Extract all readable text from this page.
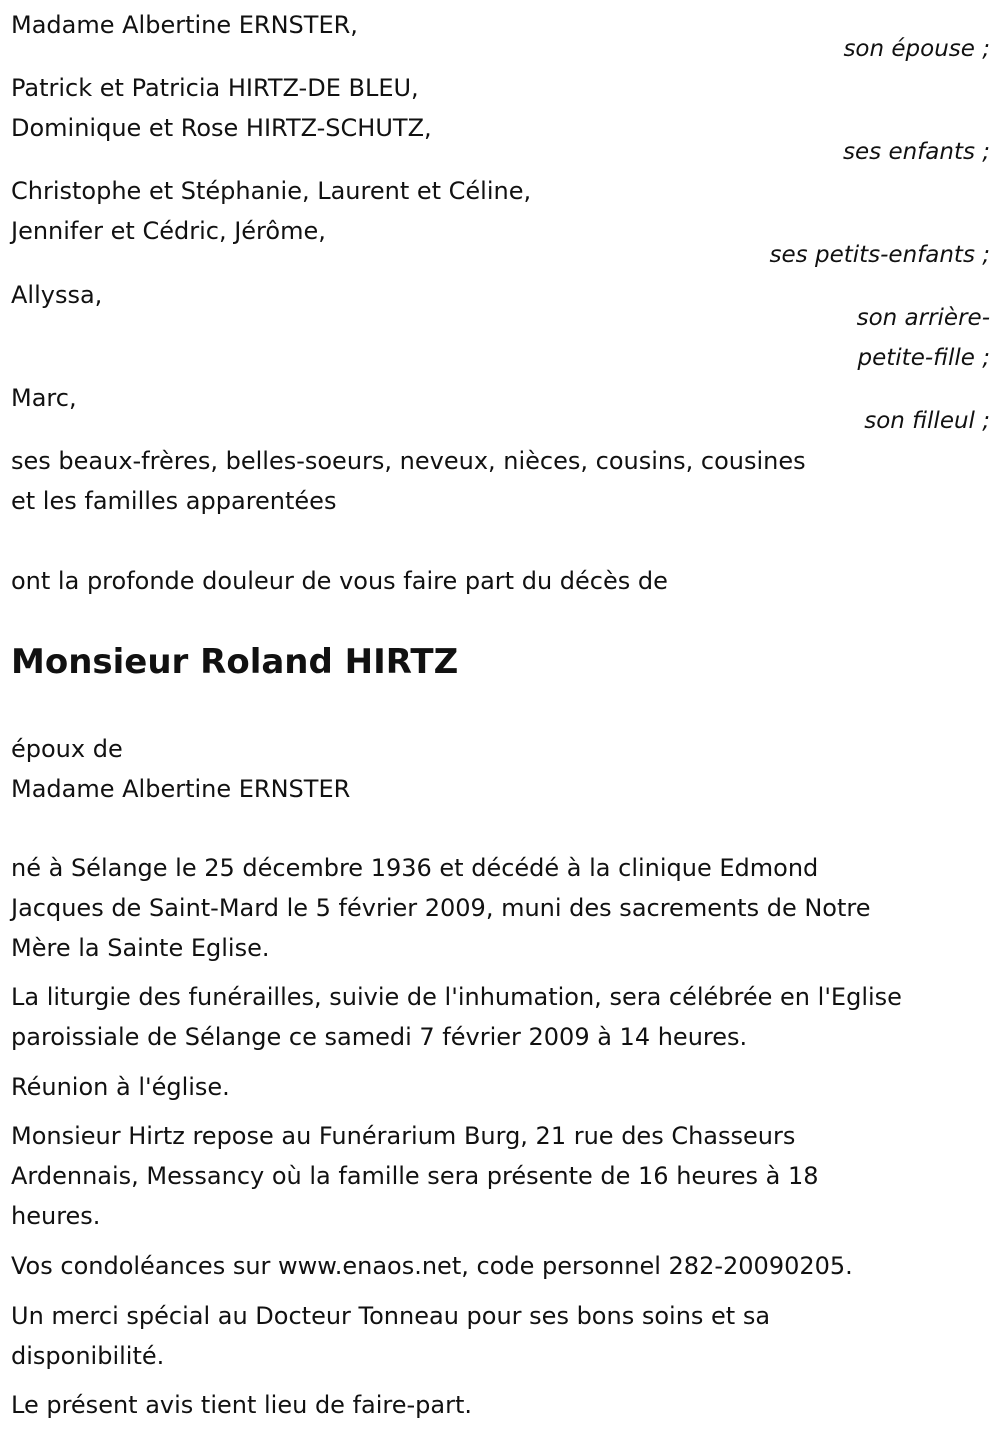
Madame Albertine ERNSTER,
son épouse ;
Patrick et Patricia HIRTZ-DE BLEU,
Dominique et Rose HIRTZ-SCHUTZ,
ses enfants ;
Christophe et Stéphanie, Laurent et Céline,
Jennifer et Cédric, Jérôme,
ses petits-enfants ;
Allyssa,
son arrière-
petite-fille ;
Marc,
son filleul ;
ses beaux-frères, belles-soeurs, neveux, nièces, cousins, cousines
et les familles apparentées
ont la profonde douleur de vous faire part du décès de
Monsieur Roland HIRTZ
époux de
Madame Albertine ERNSTER
né à Sélange le 25 décembre 1936 et décédé à la clinique Edmond
Jacques de Saint-Mard le 5 février 2009, muni des sacrements de Notre
Mère la Sainte Eglise.
La liturgie des funérailles, suivie de l'inhumation, sera célébrée en l'Eglise
paroissiale de Sélange ce samedi 7 février 2009 à 14 heures.
Réunion à l'église.
Monsieur Hirtz repose au Funérarium Burg, 21 rue des Chasseurs
Ardennais, Messancy où la famille sera présente de 16 heures à 18
heures.
Vos condoléances sur www.enaos.net, code personnel 282-20090205.
Un merci spécial au Docteur Tonneau pour ses bons soins et sa
disponibilité.
Le présent avis tient lieu de faire-part.
